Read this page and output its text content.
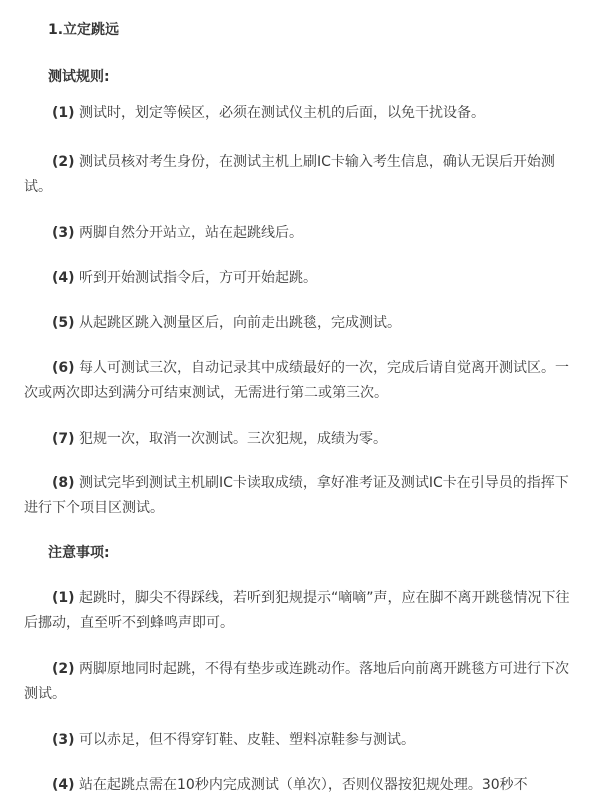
1.立定跳远
测试规则:

(1) 测试时，划定等候区，必须在测试仪主机的后面，以免干扰设备。

(2) 测试员核对考生身份，在测试主机上刷IC卡输入考生信息，确认无误后开始测试。

(3) 两脚自然分开站立，站在起跳线后。

(4) 听到开始测试指令后，方可开始起跳。

(5) 从起跳区跳入测量区后，向前走出跳毯，完成测试。

(6) 每人可测试三次，自动记录其中成绩最好的一次，完成后请自觉离开测试区。一次或两次即达到满分可结束测试，无需进行第二或第三次。

(7) 犯规一次，取消一次测试。三次犯规，成绩为零。

(8) 测试完毕到测试主机刷IC卡读取成绩，拿好准考证及测试IC卡在引导员的指挥下进行下个项目区测试。

注意事项:

(1) 起跳时，脚尖不得踩线，若听到犯规提示“嘀嘀”声，应在脚不离开跳毯情况下往后挪动，直至听不到蜂鸣声即可。

(2) 两脚原地同时起跳，不得有垫步或连跳动作。落地后向前离开跳毯方可进行下次测试。

(3) 可以赤足，但不得穿钉鞋、皮鞋、塑料凉鞋参与测试。

(4) 站在起跳点需在10秒内完成测试（单次），否则仪器按犯规处理。30秒不
